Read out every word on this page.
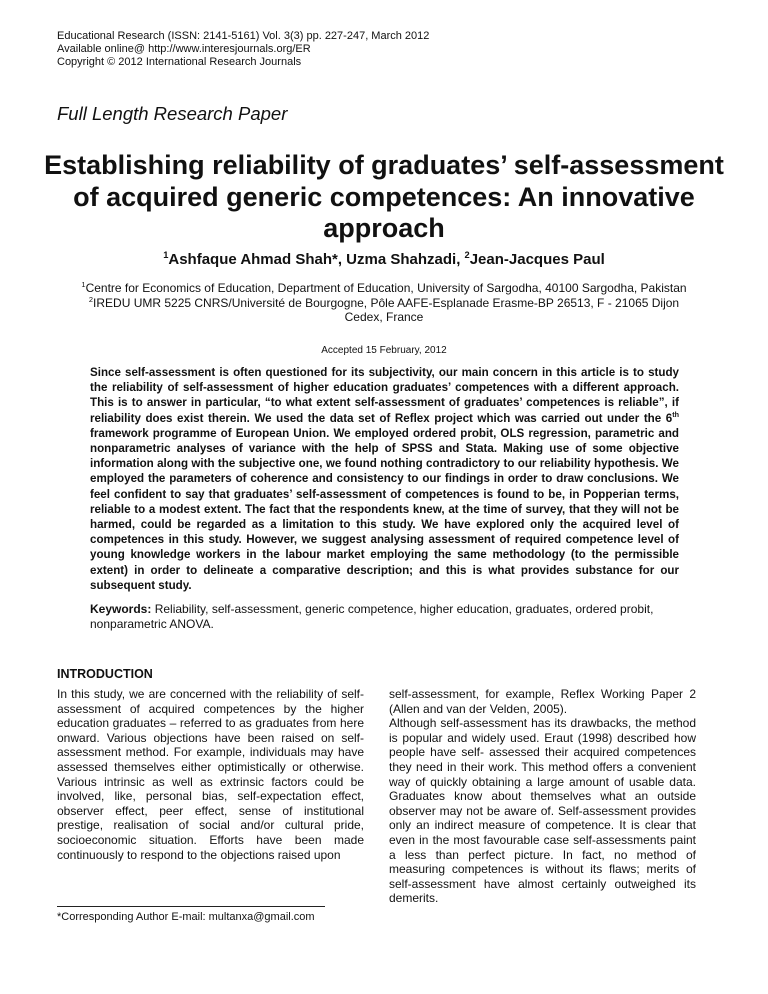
Educational Research (ISSN: 2141-5161) Vol. 3(3) pp. 227-247, March 2012
Available online@ http://www.interesjournals.org/ER
Copyright © 2012 International Research Journals
Full Length Research Paper
Establishing reliability of graduates’ self-assessment of acquired generic competences: An innovative approach
$^1$Ashfaque Ahmad Shah*, Uzma Shahzadi, $^2$Jean-Jacques Paul
$^1$Centre for Economics of Education, Department of Education, University of Sargodha, 40100 Sargodha, Pakistan
$^2$IREDU UMR 5225 CNRS/Université de Bourgogne, Pôle AAFE-Esplanade Erasme-BP 26513, F - 21065 Dijon
Cedex, France
Accepted 15 February, 2012
Since self-assessment is often questioned for its subjectivity, our main concern in this article is to study the reliability of self-assessment of higher education graduates’ competences with a different approach. This is to answer in particular, “to what extent self-assessment of graduates’ competences is reliable”, if reliability does exist therein. We used the data set of Reflex project which was carried out under the 6th framework programme of European Union. We employed ordered probit, OLS regression, parametric and nonparametric analyses of variance with the help of SPSS and Stata. Making use of some objective information along with the subjective one, we found nothing contradictory to our reliability hypothesis. We employed the parameters of coherence and consistency to our findings in order to draw conclusions. We feel confident to say that graduates’ self-assessment of competences is found to be, in Popperian terms, reliable to a modest extent. The fact that the respondents knew, at the time of survey, that they will not be harmed, could be regarded as a limitation to this study. We have explored only the acquired level of competences in this study. However, we suggest analysing assessment of required competence level of young knowledge workers in the labour market employing the same methodology (to the permissible extent) in order to delineate a comparative description; and this is what provides substance for our subsequent study.
Keywords: Reliability, self-assessment, generic competence, higher education, graduates, ordered probit, nonparametric ANOVA.
INTRODUCTION

In this study, we are concerned with the reliability of self-assessment of acquired competences by the higher education graduates – referred to as graduates from here onward. Various objections have been raised on self-assessment method. For example, individuals may have assessed themselves either optimistically or otherwise. Various intrinsic as well as extrinsic factors could be involved, like, personal bias, self-expectation effect, observer effect, peer effect, sense of institutional prestige, realisation of social and/or cultural pride, socioeconomic situation. Efforts have been made continuously to respond to the objections raised upon

self-assessment, for example, Reflex Working Paper 2 (Allen and van der Velden, 2005).

Although self-assessment has its drawbacks, the method is popular and widely used. Eraut (1998) described how people have self- assessed their acquired competences they need in their work. This method offers a convenient way of quickly obtaining a large amount of usable data. Graduates know about themselves what an outside observer may not be aware of. Self-assessment provides only an indirect measure of competence. It is clear that even in the most favourable case self-assessments paint a less than perfect picture. In fact, no method of measuring competences is without its flaws; merits of self-assessment have almost certainly outweighed its demerits.

*Corresponding Author E-mail: multanxa@gmail.com
